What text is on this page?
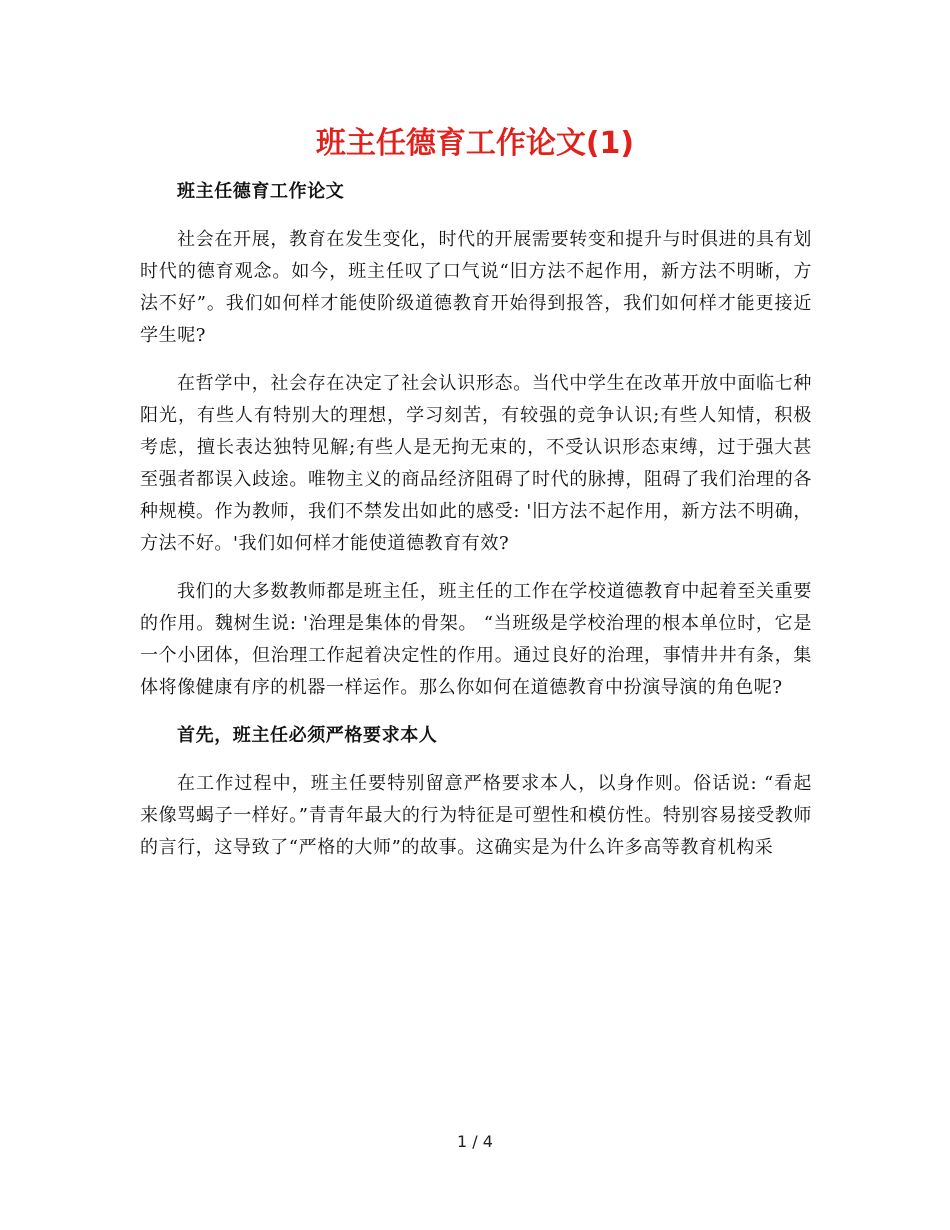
班主任德育工作论文(1)

班主任德育工作论文

社会在开展，教育在发生变化，时代的开展需要转变和提升与时俱进的具有划时代的德育观念。如今，班主任叹了口气说“旧方法不起作用，新方法不明晰，方法不好”。我们如何样才能使阶级道德教育开始得到报答，我们如何样才能更接近学生呢?

在哲学中，社会存在决定了社会认识形态。当代中学生在改革开放中面临七种阳光，有些人有特别大的理想，学习刻苦，有较强的竞争认识;有些人知情，积极考虑，擅长表达独特见解;有些人是无拘无束的，不受认识形态束缚，过于强大甚至强者都误入歧途。唯物主义的商品经济阻碍了时代的脉搏，阻碍了我们治理的各种规模。作为教师，我们不禁发出如此的感受: '旧方法不起作用，新方法不明确，方法不好。'我们如何样才能使道德教育有效?

我们的大多数教师都是班主任，班主任的工作在学校道德教育中起着至关重要的作用。魏树生说: '治理是集体的骨架。 “当班级是学校治理的根本单位时，它是一个小团体，但治理工作起着决定性的作用。通过良好的治理，事情井井有条，集体将像健康有序的机器一样运作。那么你如何在道德教育中扮演导演的角色呢?

首先，班主任必须严格要求本人

在工作过程中，班主任要特别留意严格要求本人，以身作则。俗话说: “看起来像骂蝎子一样好。”青青年最大的行为特征是可塑性和模仿性。特别容易接受教师的言行，这导致了“严格的大师”的故事。这确实是为什么许多高等教育机构采

1 / 4
